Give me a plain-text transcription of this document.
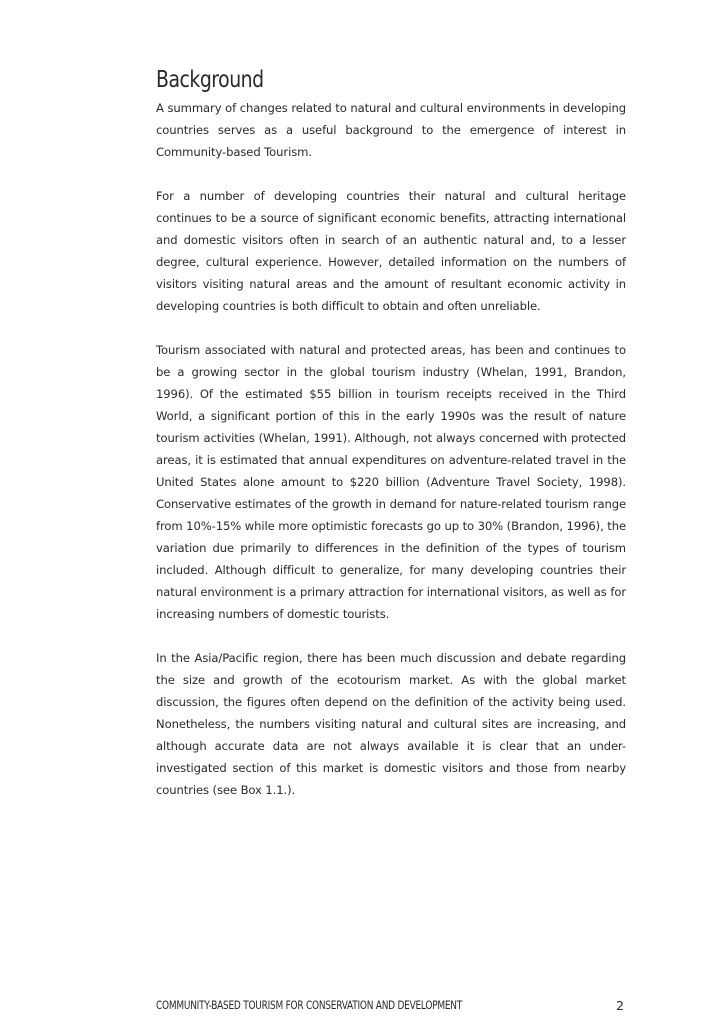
Background

A summary of changes related to natural and cultural environments in developing countries serves as a useful background to the emergence of interest in Community-based Tourism.

For a number of developing countries their natural and cultural heritage continues to be a source of significant economic benefits, attracting international and domestic visitors often in search of an authentic natural and, to a lesser degree, cultural experience. However, detailed information on the numbers of visitors visiting natural areas and the amount of resultant economic activity in developing countries is both difficult to obtain and often unreliable.

Tourism associated with natural and protected areas, has been and continues to be a growing sector in the global tourism industry (Whelan, 1991, Brandon, 1996). Of the estimated $55 billion in tourism receipts received in the Third World, a significant portion of this in the early 1990s was the result of nature tourism activities (Whelan, 1991). Although, not always concerned with protected areas, it is estimated that annual expenditures on adventure-related travel in the United States alone amount to $220 billion (Adventure Travel Society, 1998). Conservative estimates of the growth in demand for nature-related tourism range from 10%-15% while more optimistic forecasts go up to 30% (Brandon, 1996), the variation due primarily to differences in the definition of the types of tourism included. Although difficult to generalize, for many developing countries their natural environment is a primary attraction for international visitors, as well as for increasing numbers of domestic tourists.

In the Asia/Pacific region, there has been much discussion and debate regarding the size and growth of the ecotourism market. As with the global market discussion, the figures often depend on the definition of the activity being used. Nonetheless, the numbers visiting natural and cultural sites are increasing, and although accurate data are not always available it is clear that an under-investigated section of this market is domestic visitors and those from nearby countries (see Box 1.1.).

COMMUNITY-BASED TOURISM FOR CONSERVATION AND DEVELOPMENT	2
